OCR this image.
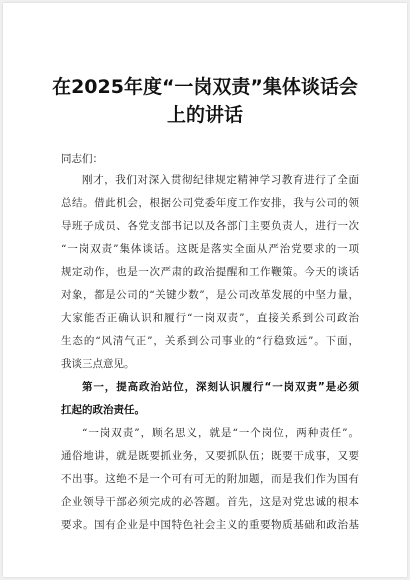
在2025年度“一岗双责”集体谈话会
上的讲话
同志们：
刚才，我们对深入贯彻纪律规定精神学习教育进行了全面
总结。借此机会，根据公司党委年度工作安排，我与公司的领
导班子成员、各党支部书记以及各部门主要负责人，进行一次
“一岗双责”集体谈话。这既是落实全面从严治党要求的一项
规定动作，也是一次严肃的政治提醒和工作鞭策。今天的谈话
对象，都是公司的“关键少数”，是公司改革发展的中坚力量，
大家能否正确认识和履行“一岗双责”，直接关系到公司政治
生态的“风清气正”，关系到公司事业的“行稳致远”。下面，
我谈三点意见。
第一，提高政治站位，深刻认识履行“一岗双责”是必须
扛起的政治责任。
“一岗双责”，顾名思义，就是“一个岗位，两种责任”。
通俗地讲，就是既要抓业务，又要抓队伍；既要干成事，又要
不出事。这绝不是一个可有可无的附加题，而是我们作为国有
企业领导干部必须完成的必答题。首先，这是对党忠诚的根本
要求。国有企业是中国特色社会主义的重要物质基础和政治基
